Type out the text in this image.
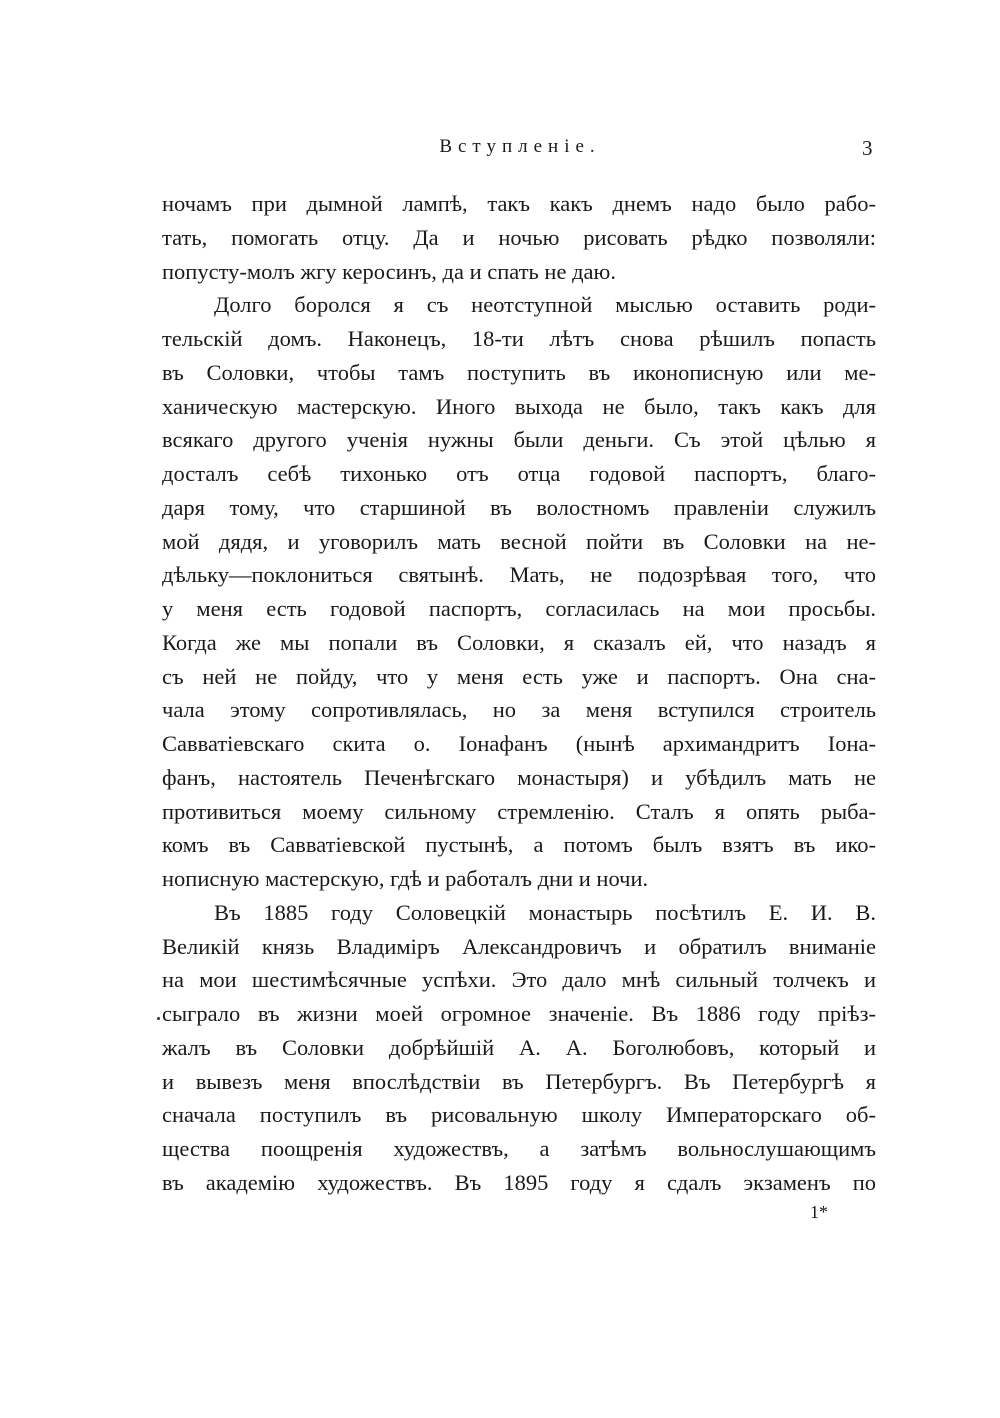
Вступленіе.	3
ночамъ при дымной лампѣ, такъ какъ днемъ надо было рабо-
тать, помогать отцу. Да и ночью рисовать рѣдко позволяли:
попусту-молъ жгу керосинъ, да и спать не даю.
Долго боролся я съ неотступной мыслью оставить роди-
тельскій домъ. Наконецъ, 18-ти лѣтъ снова рѣшилъ попасть
въ Соловки, чтобы тамъ поступить въ иконописную или ме-
ханическую мастерскую. Иного выхода не было, такъ какъ для
всякаго другого ученія нужны были деньги. Съ этой цѣлью я
досталъ себѣ тихонько отъ отца годовой паспортъ, благо-
даря тому, что старшиной въ волостномъ правленіи служилъ
мой дядя, и уговорилъ мать весной пойти въ Соловки на не-
дѣльку—поклониться святынѣ. Мать, не подозрѣвая того, что
у меня есть годовой паспортъ, согласилась на мои просьбы.
Когда же мы попали въ Соловки, я сказалъ ей, что назадъ я
съ ней не пойду, что у меня есть уже и паспортъ. Она сна-
чала этому сопротивлялась, но за меня вступился строитель
Савватіевскаго скита о. Іонафанъ (нынѣ архимандритъ Іона-
фанъ, настоятель Печенѣгскаго монастыря) и убѣдилъ мать не
противиться моему сильному стремленію. Сталъ я опять рыба-
комъ въ Савватіевской пустынѣ, а потомъ былъ взятъ въ ико-
нописную мастерскую, гдѣ и работалъ дни и ночи.
Въ 1885 году Соловецкій монастырь посѣтилъ Е. И. В.
Великій князь Владиміръ Александровичъ и обратилъ вниманіе
на мои шестимѣсячные успѣхи. Это дало мнѣ сильный толчекъ и
сыграло въ жизни моей огромное значеніе. Въ 1886 году пріѣз-
жалъ въ Соловки добрѣйшій А. А. Боголюбовъ, который и
и вывезъ меня впослѣдствіи въ Петербургъ. Въ Петербургѣ я
сначала поступилъ въ рисовальную школу Императорскаго об-
щества поощренія художествъ, а затѣмъ вольнослушающимъ
въ академію художествъ. Въ 1895 году я сдалъ экзаменъ по
1*
